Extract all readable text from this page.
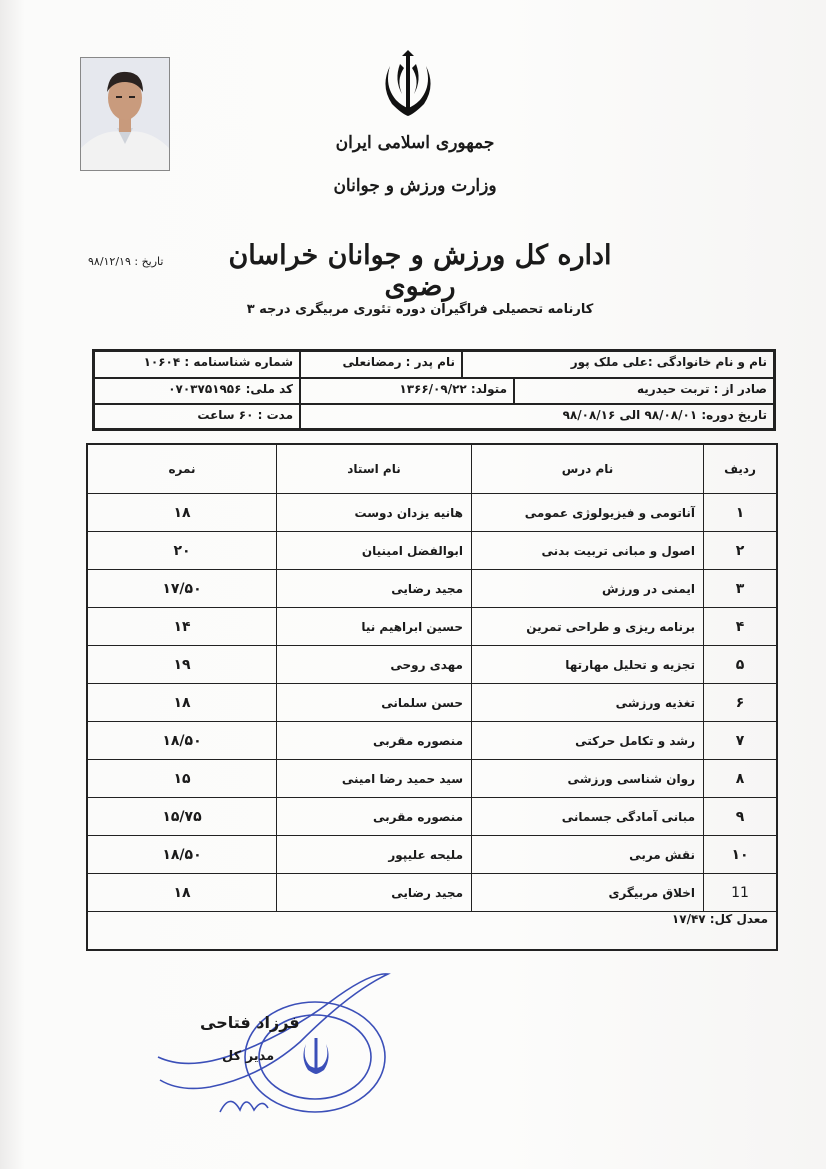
جمهوری اسلامی ایران
وزارت ورزش و جوانان
اداره کل ورزش و جوانان خراسان رضوی
تاریخ : ۹۸/۱۲/۱۹
کارنامه تحصیلی فراگیران دوره تئوری مربیگری درجه ۳
نام و نام خانوادگی :علی ملک پور
نام پدر : رمضانعلی
شماره شناسنامه : ۱۰۶۰۴
صادر از : تربت حیدریه
متولد: ۱۳۶۶/۰۹/۲۲
کد ملی: ۰۷۰۳۷۵۱۹۵۶
تاریخ دوره: ۹۸/۰۸/۰۱ الی ۹۸/۰۸/۱۶
مدت : ۶۰ ساعت
ردیف	نام درس	نام استاد	نمره
۱	آناتومی و فیزیولوژی عمومی	هانیه یزدان دوست	۱۸
۲	اصول و مبانی تربیت بدنی	ابوالفضل امینیان	۲۰
۳	ایمنی در ورزش	مجید رضایی	۱۷/۵۰
۴	برنامه ریزی و طراحی تمرین	حسین ابراهیم نیا	۱۴
۵	تجزیه و تحلیل مهارتها	مهدی روحی	۱۹
۶	تغذیه ورزشی	حسن سلمانی	۱۸
۷	رشد و تکامل حرکتی	منصوره مقربی	۱۸/۵۰
۸	روان شناسی ورزشی	سید حمید رضا امینی	۱۵
۹	مبانی آمادگی جسمانی	منصوره مقربی	۱۵/۷۵
۱۰	نقش مربی	ملیحه علیپور	۱۸/۵۰
11	اخلاق مربیگری	مجید رضایی	۱۸
معدل کل: ۱۷/۴۷			
فرزاد فتاحی
مدیر کل
